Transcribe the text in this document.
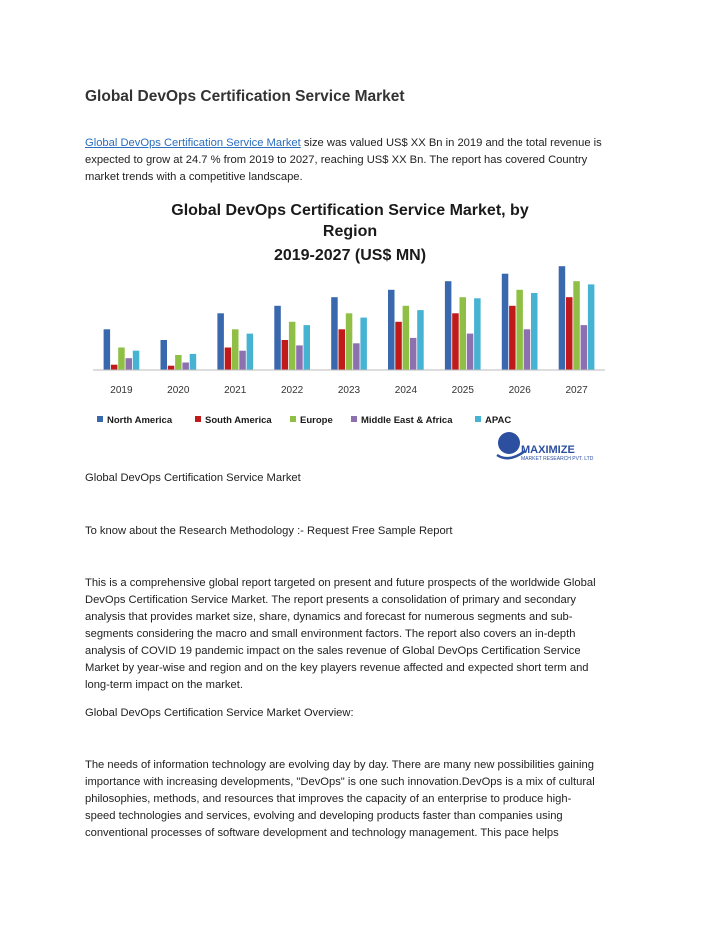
Global DevOps Certification Service Market

Global DevOps Certification Service Market size was valued US$ XX Bn in 2019 and the total revenue is
expected to grow at 24.7 % from 2019 to 2027, reaching US$ XX Bn. The report has covered Country
market trends with a competitive landscape.

Global DevOps Certification Service Market, by
Region
2019-2027 (US$ MN)
2019	2020	2021	2022	2023	2024	2025	2026	2027
North America	South America	Europe	Middle East & Africa	APAC
MAXIMIZE
MARKET RESEARCH PVT. LTD
Global DevOps Certification Service Market
To know about the Research Methodology :- Request Free Sample Report

This is a comprehensive global report targeted on present and future prospects of the worldwide Global
DevOps Certification Service Market. The report presents a consolidation of primary and secondary
analysis that provides market size, share, dynamics and forecast for numerous segments and sub-
segments considering the macro and small environment factors. The report also covers an in-depth
analysis of COVID 19 pandemic impact on the sales revenue of Global DevOps Certification Service
Market by year-wise and region and on the key players revenue affected and expected short term and
long-term impact on the market.

Global DevOps Certification Service Market Overview:

The needs of information technology are evolving day by day. There are many new possibilities gaining
importance with increasing developments, "DevOps" is one such innovation.DevOps is a mix of cultural
philosophies, methods, and resources that improves the capacity of an enterprise to produce high-
speed technologies and services, evolving and developing products faster than companies using
conventional processes of software development and technology management. This pace helps
